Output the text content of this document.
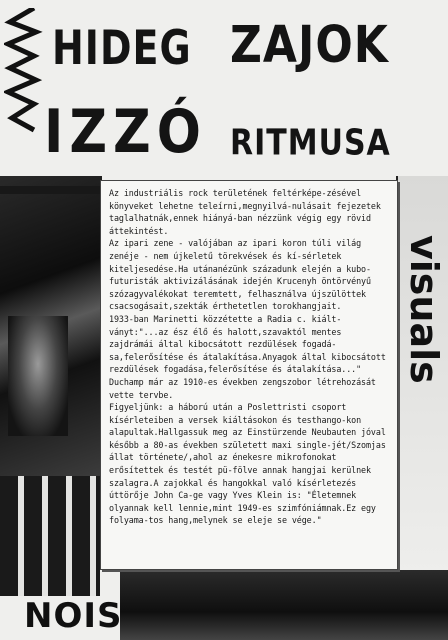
HIDEG ZAJOK
IZZÓ RITMUSA
visuals
NOIS

Az industriális rock területének feltérképe-zésével könyveket lehetne teleírni,megnyilvá-nulásait fejezetek taglalhatnák,ennek hiányá-ban nézzünk végig egy rövid áttekintést.

Az ipari zene - valójában az ipari koron túli világ zenéje - nem újkeletű törekvések és kí-sérletek kiteljesedése.Ha utánanézünk századunk elején a kubo-futuristák aktivizálásának idején Krucenyh öntörvényű szózagyvalékokat teremtett, felhasználva újszülöttek csacsogásait,szekták érthetetlen torokhangjait.

1933-ban Marinetti közzétette a Radia c. kiált-ványt:"...az ész élő és halott,szavaktól mentes zajdrámái által kibocsátott rezdülések fogadá-sa,felerősítése és átalakítása.Anyagok által kibocsátott rezdülések fogadása,felerősítése és átalakítása..." Duchamp már az 1910-es években zengszobor létrehozását vette tervbe.

Figyeljünk: a háború után a Poslettristi csoport kísérleteiben a versek kiáltásokon és testhango-kon alapultak.Hallgassuk meg az Einstürzende Neubauten jóval később a 80-as években született maxi single-jét/Szomjas állat története/,ahol az énekesre mikrofonokat erősítettek és testét pü-fölve annak hangjai kerülnek szalagra.A zajokkal és hangokkal való kísérletezés úttörője John Ca-ge vagy Yves Klein is: "Életemnek olyannak kell lennie,mint 1949-es szimfóniámnak.Ez egy folyama-tos hang,melynek se eleje se vége."
